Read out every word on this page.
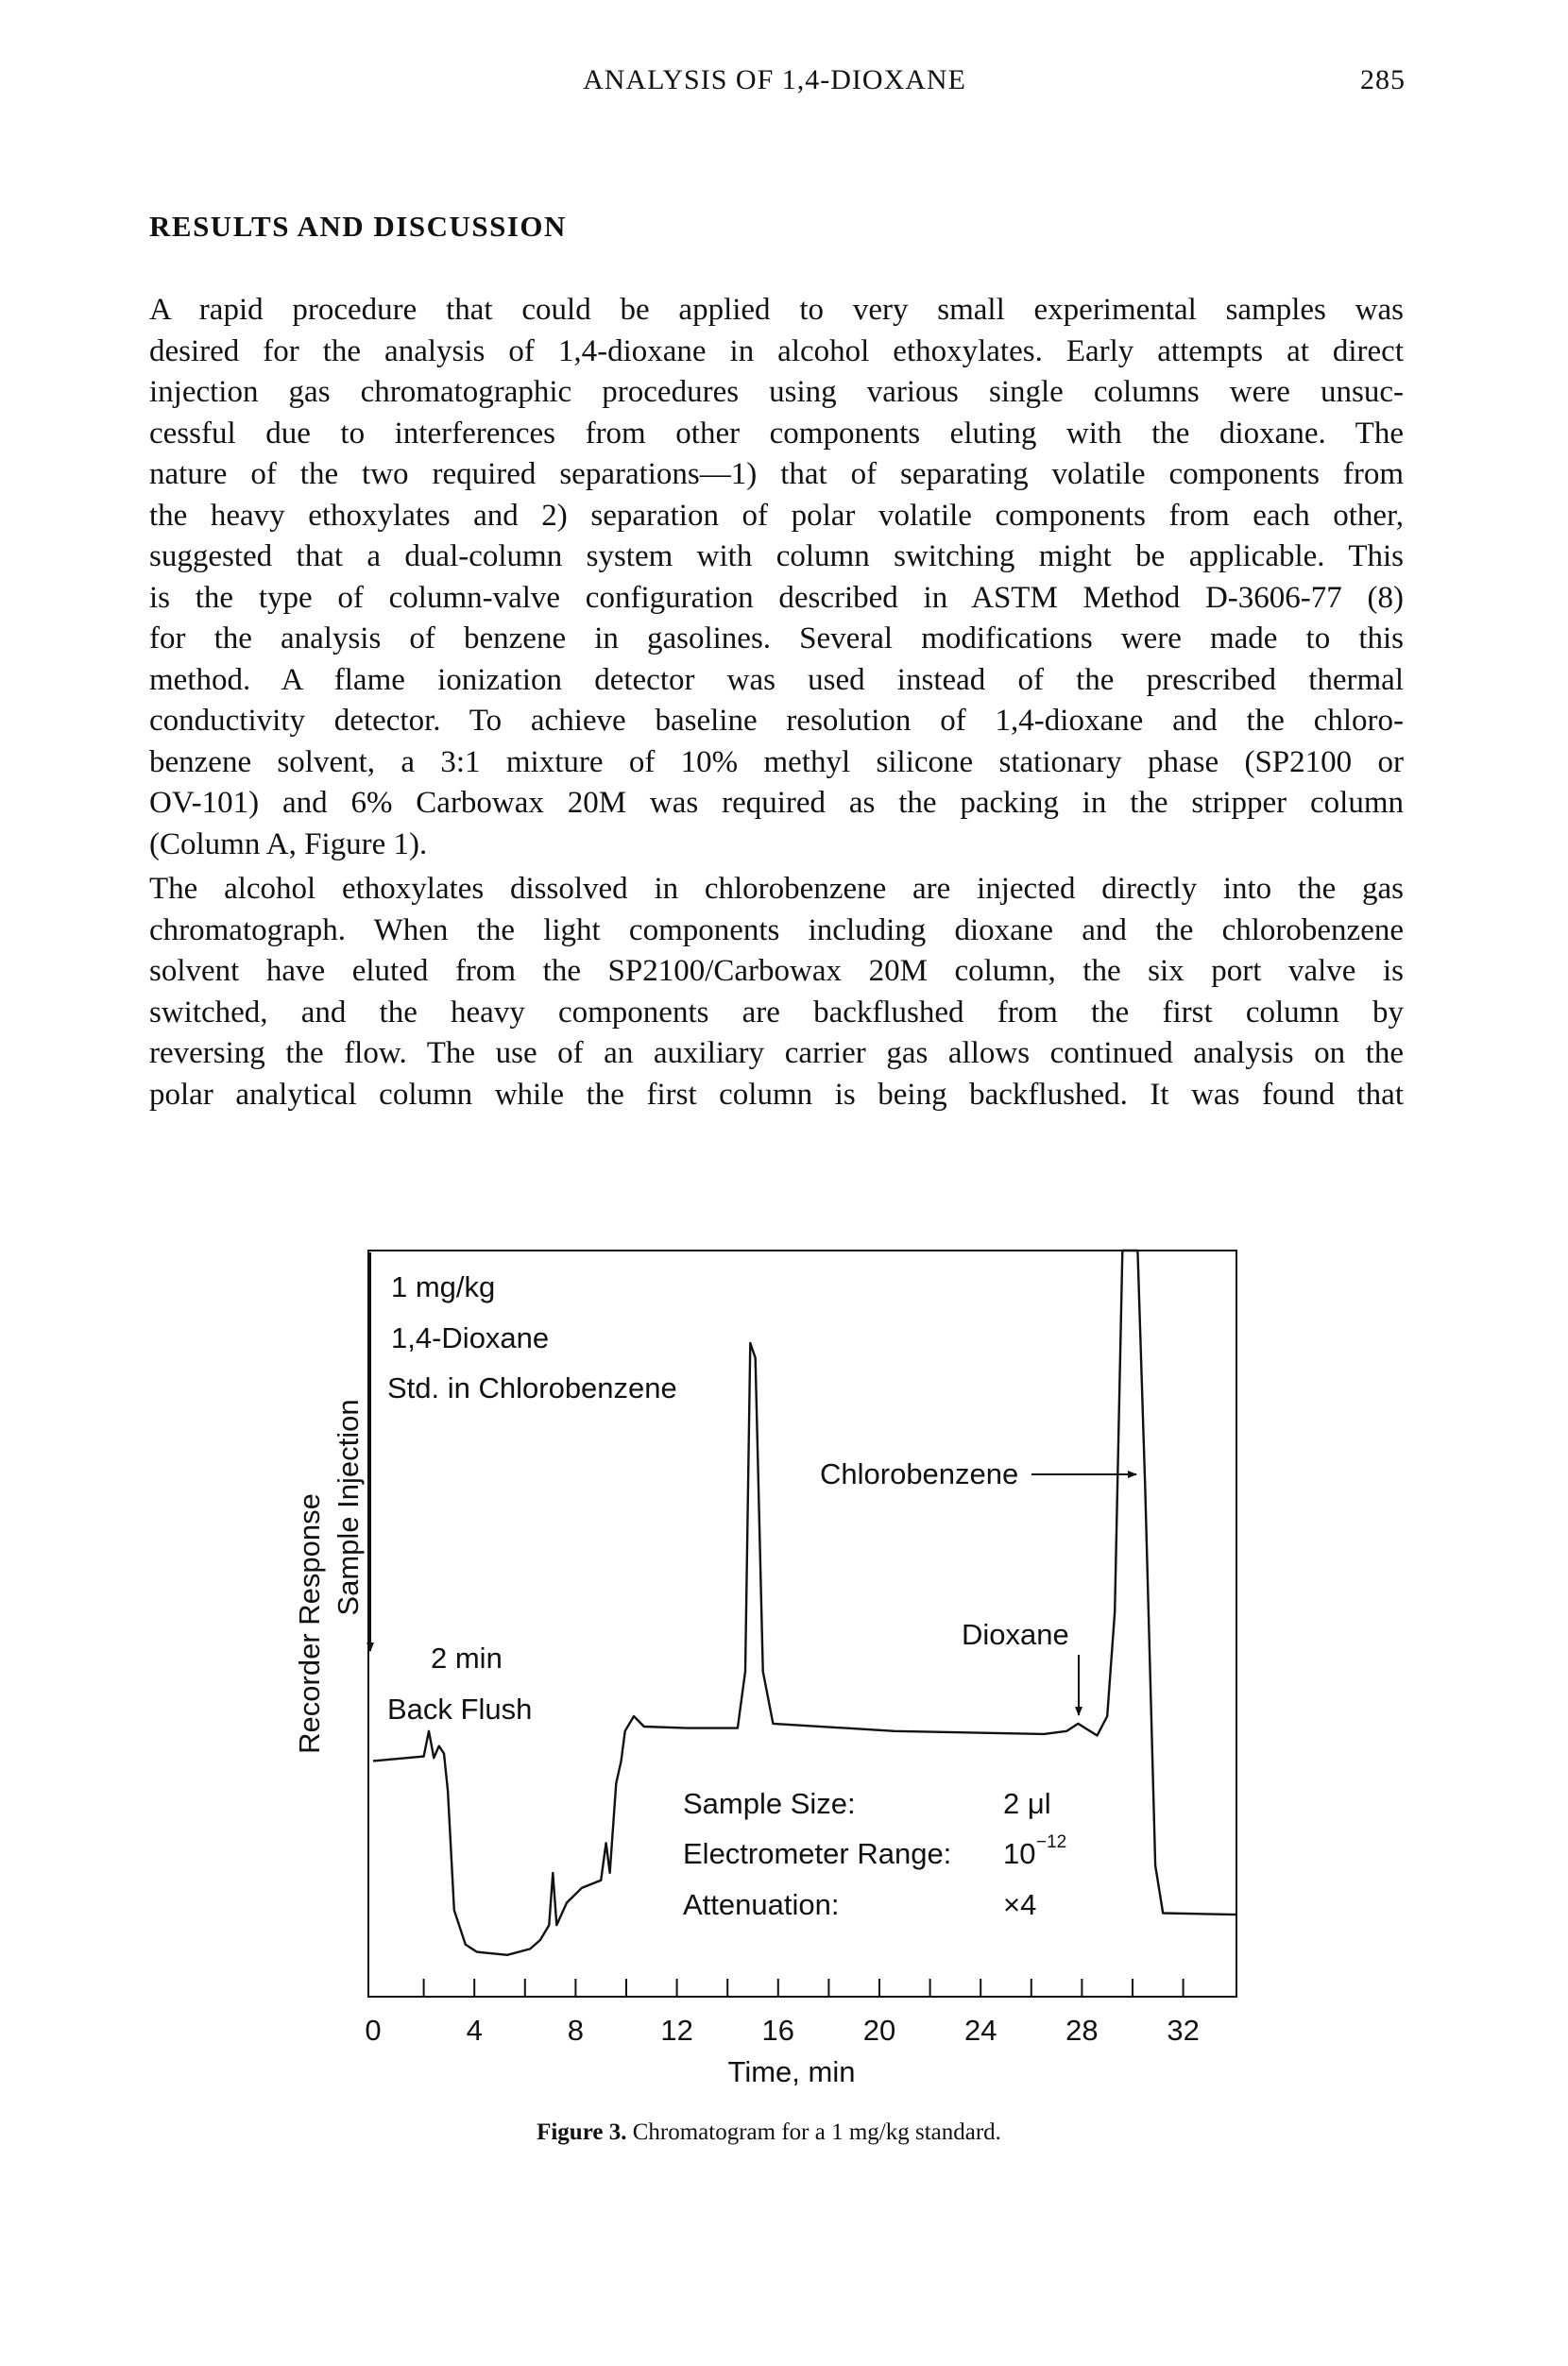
ANALYSIS OF 1,4-DIOXANE	285
RESULTS AND DISCUSSION
A rapid procedure that could be applied to very small experimental samples was
desired for the analysis of 1,4-dioxane in alcohol ethoxylates. Early attempts at direct
injection gas chromatographic procedures using various single columns were unsuc-
cessful due to interferences from other components eluting with the dioxane. The
nature of the two required separations—1) that of separating volatile components from
the heavy ethoxylates and 2) separation of polar volatile components from each other,
suggested that a dual-column system with column switching might be applicable. This
is the type of column-valve configuration described in ASTM Method D-3606-77 (8)
for the analysis of benzene in gasolines. Several modifications were made to this
method. A flame ionization detector was used instead of the prescribed thermal
conductivity detector. To achieve baseline resolution of 1,4-dioxane and the chloro-
benzene solvent, a 3:1 mixture of 10% methyl silicone stationary phase (SP2100 or
OV-101) and 6% Carbowax 20M was required as the packing in the stripper column
(Column A, Figure 1).
The alcohol ethoxylates dissolved in chlorobenzene are injected directly into the gas
chromatograph. When the light components including dioxane and the chlorobenzene
solvent have eluted from the SP2100/Carbowax 20M column, the six port valve is
switched, and the heavy components are backflushed from the first column by
reversing the flow. The use of an auxiliary carrier gas allows continued analysis on the
polar analytical column while the first column is being backflushed. It was found that
0	4	8	12 16 20 24 28 32
Time, min
Recorder Response Sample Injection
1 mg/kg
1,4-Dioxane
Std. in Chlorobenzene
2 min
Back Flush
Chlorobenzene
Dioxane
Sample Size:	2 μl
Electrometer Range: 10 −12
Attenuation:	×4
Figure 3. Chromatogram for a 1 mg/kg standard.
